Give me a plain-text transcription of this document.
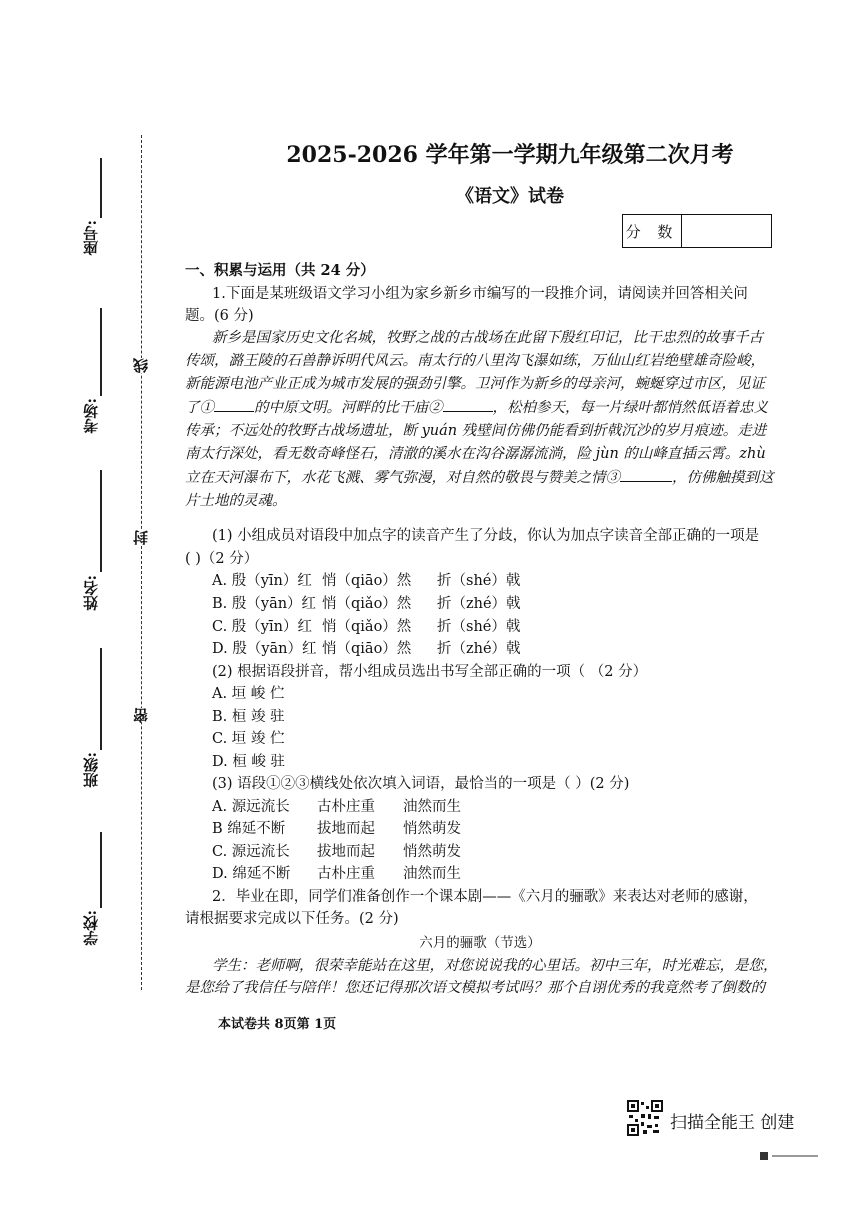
座号:
考场:
姓名:
班级:
学校:
线
封
密
2025-2026 学年第一学期九年级第二次月考
《语文》试卷
分 数
一、积累与运用（共 24 分）
1.下面是某班级语文学习小组为家乡新乡市编写的一段推介词，请阅读并回答相关问
题。(6 分)
新乡是国家历史文化名城，牧野之战的古战场在此留下殷红印记，比干忠烈的故事千古
传颂，潞王陵的石兽静诉明代风云。南太行的八里沟飞瀑如练，万仙山红岩绝壁雄奇险峻，
新能源电池产业正成为城市发展的强劲引擎。卫河作为新乡的母亲河，蜿蜒穿过市区，见证
了①	的中原文明。河畔的比干庙②	，松柏参天，每一片绿叶都悄然低语着忠义
传承；不远处的牧野古战场遗址，断 yuán 残壁间仿佛仍能看到折戟沉沙的岁月痕迹。走进
南太行深处，看无数奇峰怪石，清澈的溪水在沟谷潺潺流淌，险 jùn 的山峰直插云霄。zhù
立在天河瀑布下，水花飞溅、雾气弥漫，对自然的敬畏与赞美之情③	，仿佛触摸到这
片土地的灵魂。
(1) 小组成员对语段中加点字的读音产生了分歧，你认为加点字读音全部正确的一项是
( )（2 分）
A. 殷（yīn）红 悄（qiāo）然 折（shé）戟
B. 殷（yān）红 悄（qiǎo）然 折（zhé）戟
C. 殷（yīn）红 悄（qiǎo）然 折（shé）戟
D. 殷（yān）红 悄（qiāo）然 折（zhé）戟
(2) 根据语段拼音，帮小组成员选出书写全部正确的一项（ （2 分）
A. 垣 峻 伫
B. 桓 竣 驻
C. 垣 竣 伫
D. 桓 峻 驻
(3) 语段①②③横线处依次填入词语，最恰当的一项是（ ）(2 分)
A. 源远流长 古朴庄重 油然而生
B 绵延不断 拔地而起 悄然萌发
C. 源远流长 拔地而起 悄然萌发
D. 绵延不断 古朴庄重 油然而生
2．毕业在即，同学们准备创作一个课本剧——《六月的骊歌》来表达对老师的感谢，
请根据要求完成以下任务。(2 分)
六月的骊歌（节选）
学生：老师啊，很荣幸能站在这里，对您说说我的心里话。初中三年，时光难忘，是您，
是您给了我信任与陪伴！您还记得那次语文模拟考试吗？那个自诩优秀的我竟然考了倒数的
本试卷共 8页第 1页
扫描全能王 创建
